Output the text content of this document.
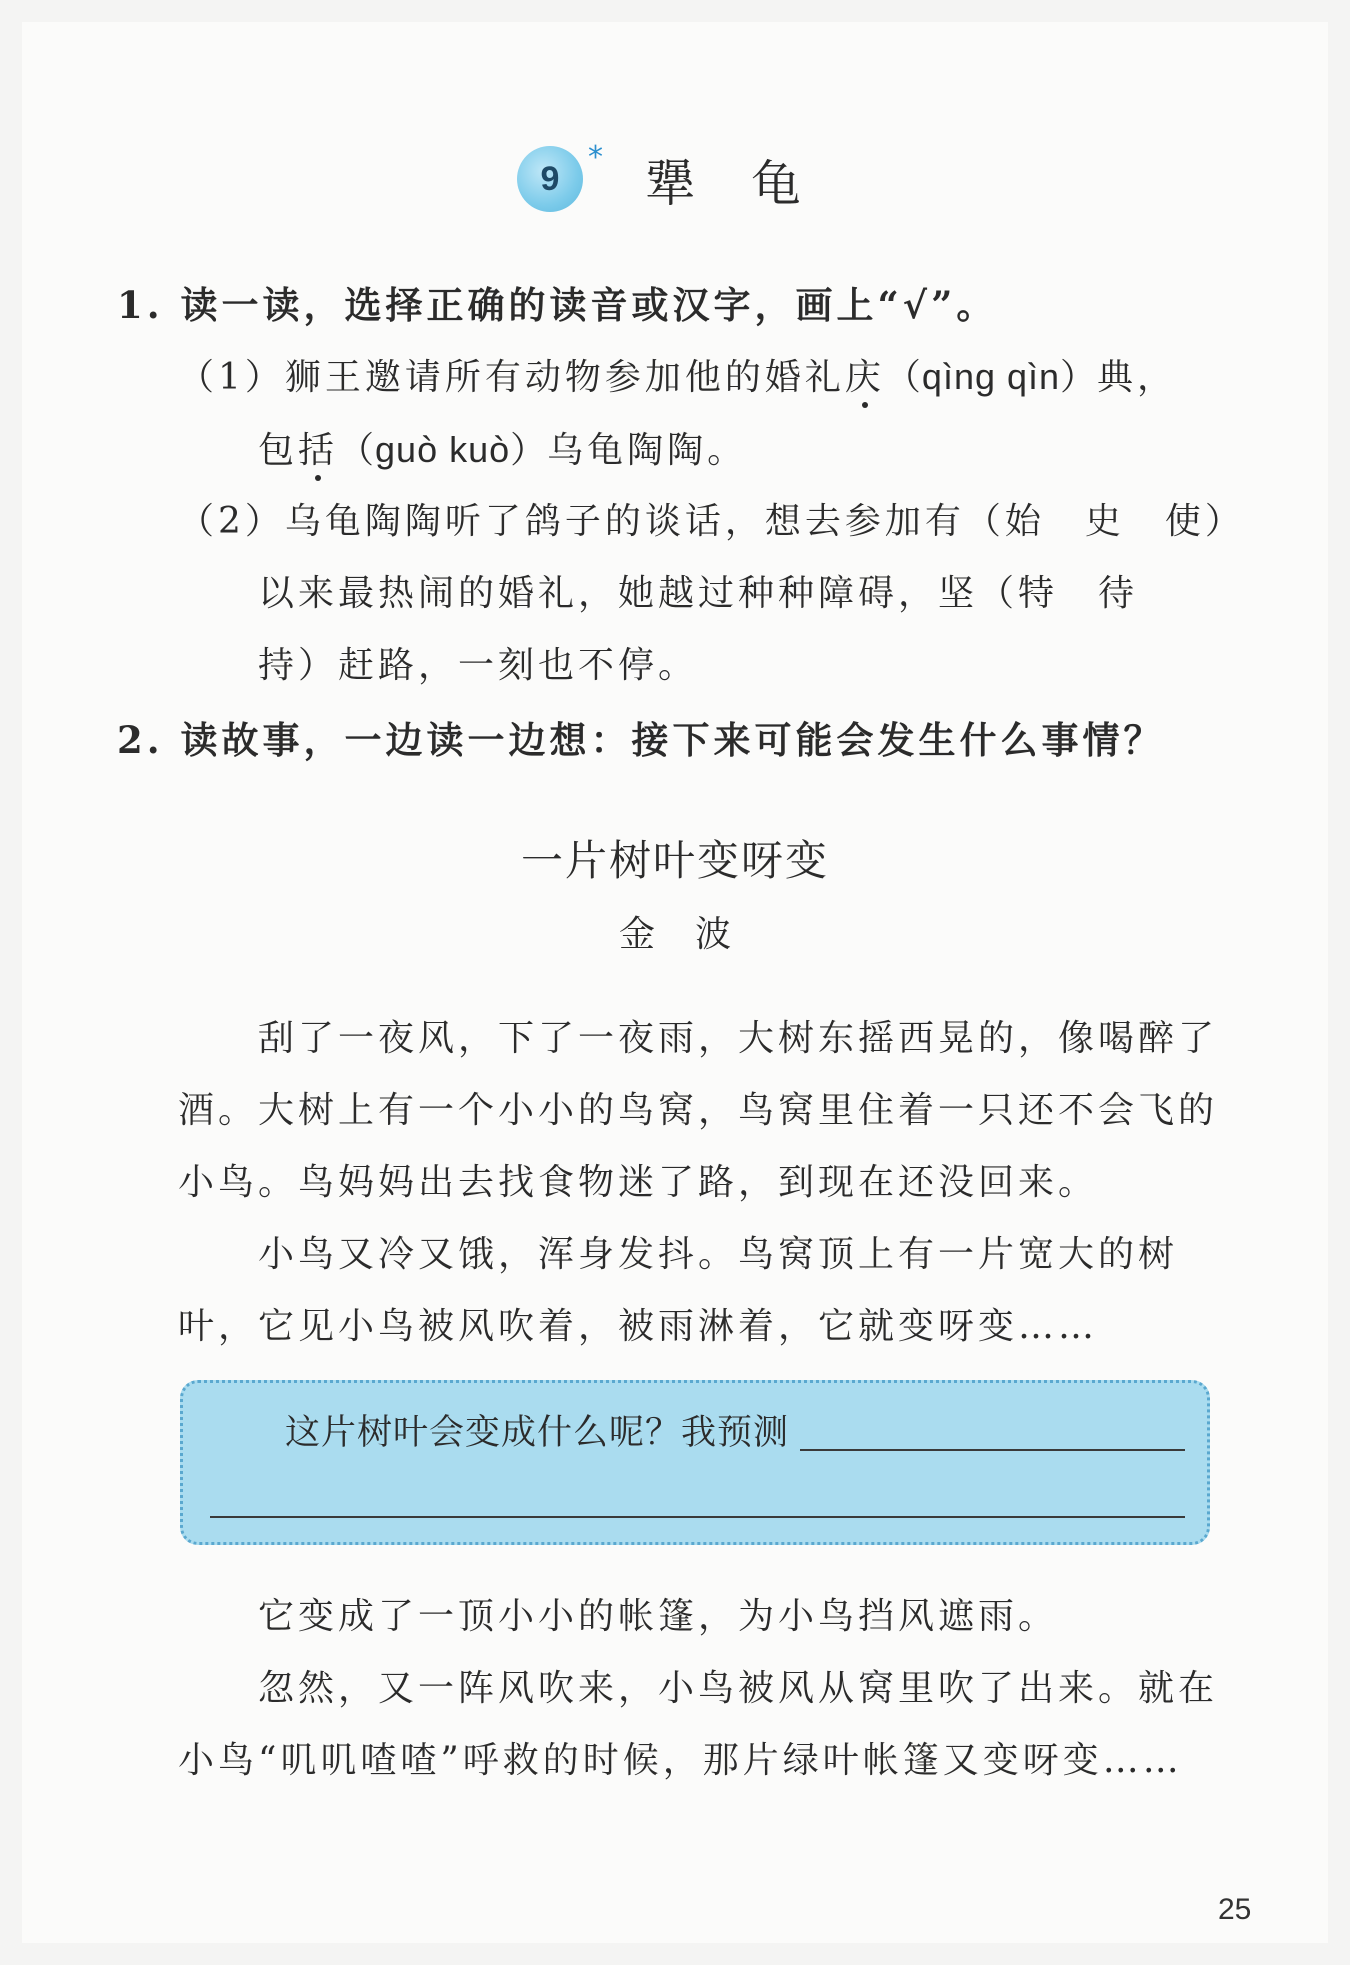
9
* 犟龟
1. 读一读，选择正确的读音或汉字，画上“√”。
（1）狮王邀请所有动物参加他的婚礼庆（qìng qìn）典，
包括（guò kuò）乌龟陶陶。
（2）乌龟陶陶听了鸽子的谈话，想去参加有（始　史　使）
以来最热闹的婚礼，她越过种种障碍，坚（特　待
持）赶路，一刻也不停。
2. 读故事，一边读一边想：接下来可能会发生什么事情？
一片树叶变呀变
金波
刮了一夜风，下了一夜雨，大树东摇西晃的，像喝醉了
酒。大树上有一个小小的鸟窝，鸟窝里住着一只还不会飞的
小鸟。鸟妈妈出去找食物迷了路，到现在还没回来。
小鸟又冷又饿，浑身发抖。鸟窝顶上有一片宽大的树
叶，它见小鸟被风吹着，被雨淋着，它就变呀变……
这片树叶会变成什么呢？我预测
它变成了一顶小小的帐篷，为小鸟挡风遮雨。
忽然，又一阵风吹来，小鸟被风从窝里吹了出来。就在
小鸟“叽叽喳喳”呼救的时候，那片绿叶帐篷又变呀变……
25
